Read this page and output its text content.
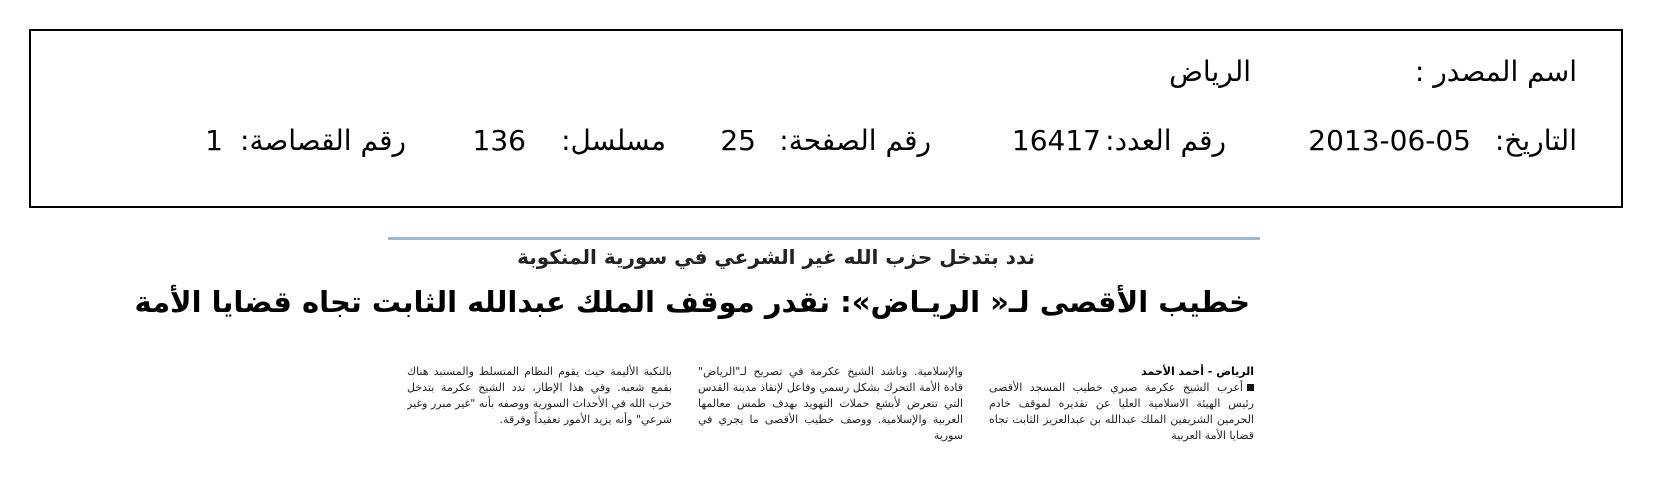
اسم المصدر :
الرياض
التاريخ:
2013-06-05
رقم العدد:
16417
رقم الصفحة:
25
مسلسل:
136
رقم القصاصة:
1
ندد بتدخل حزب الله غير الشرعي في سورية المنكوبة
خطيب الأقصى لـ« الريـاض»: نقدر موقف الملك عبدالله الثابت تجاه قضايا الأمة
الرياض - أحمد الأحمد
أعرب الشيخ عكرمة صبري خطيب المسجد الأقصى رئيس الهيئة الاسلامية العليا عن تقديره لموقف خادم الحرمين الشريفين الملك عبدالله بن عبدالعزيز الثابت تجاه قضايا الأمة العربية
والإسلامية. وناشد الشيخ عكرمة في تصريح لـ"الرياض" قادة الأمة التحرك بشكل رسمي وفاعل لإنقاذ مدينة القدس التي تتعرض لأبشع حملات التهويد بهدف طمس معالمها العربية والإسلامية. ووصف خطيب الأقصى ما يجري في سورية
بالنكبة الأليمة حيث يقوم النظام المتسلط والمستبد هناك بقمع شعبه. وفي هذا الإطار، ندد الشيخ عكرمة بتدخل حزب الله في الأحداث السورية ووصفه بأنه "غير مبرر وغير شرعي" وأنه يزيد الأمور تعقيداً وفرقة.
